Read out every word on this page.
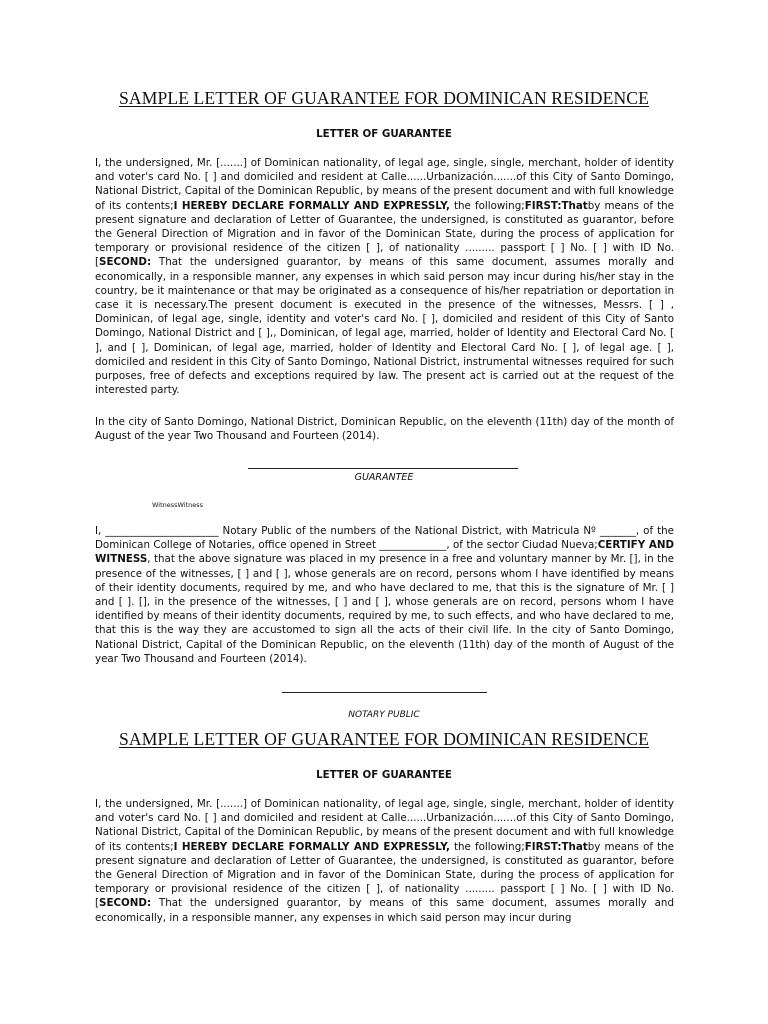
SAMPLE LETTER OF GUARANTEE FOR DOMINICAN RESIDENCE
LETTER OF GUARANTEE

I, the undersigned, Mr. [.......] of Dominican nationality, of legal age, single, single, merchant, holder of identity and voter's card No. [ ] and domiciled and resident at Calle......Urbanización.......of this City of Santo Domingo, National District, Capital of the Dominican Republic, by means of the present document and with full knowledge of its contents;I HEREBY DECLARE FORMALLY AND EXPRESSLY, the following;FIRST:Thatby means of the present signature and declaration of Letter of Guarantee, the undersigned, is constituted as guarantor, before the General Direction of Migration and in favor of the Dominican State, during the process of application for temporary or provisional residence of the citizen [ ], of nationality ......... passport [ ] No. [ ] with ID No. [SECOND: That the undersigned guarantor, by means of this same document, assumes morally and economically, in a responsible manner, any expenses in which said person may incur during his/her stay in the country, be it maintenance or that may be originated as a consequence of his/her repatriation or deportation in case it is necessary.The present document is executed in the presence of the witnesses, Messrs. [ ] , Dominican, of legal age, single, identity and voter's card No. [ ], domiciled and resident of this City of Santo Domingo, National District and [ ],, Dominican, of legal age, married, holder of Identity and Electoral Card No. [ ], and [ ], Dominican, of legal age, married, holder of Identity and Electoral Card No. [ ], of legal age. [ ], domiciled and resident in this City of Santo Domingo, National District, instrumental witnesses required for such purposes, free of defects and exceptions required by law. The present act is carried out at the request of the interested party.

In the city of Santo Domingo, National District, Dominican Republic, on the eleventh (11th) day of the month of August of the year Two Thousand and Fourteen (2014).

GUARANTEE

WitnessWitness

I, ______________________ Notary Public of the numbers of the National District, with Matricula Nº _______, of the Dominican College of Notaries, office opened in Street _____________, of the sector Ciudad Nueva;CERTIFY AND WITNESS, that the above signature was placed in my presence in a free and voluntary manner by Mr. [], in the presence of the witnesses, [ ] and [ ], whose generals are on record, persons whom I have identified by means of their identity documents, required by me, and who have declared to me, that this is the signature of Mr. [ ] and [ ]. [], in the presence of the witnesses, [ ] and [ ], whose generals are on record, persons whom I have identified by means of their identity documents, required by me, to such effects, and who have declared to me, that this is the way they are accustomed to sign all the acts of their civil life. In the city of Santo Domingo, National District, Capital of the Dominican Republic, on the eleventh (11th) day of the month of August of the year Two Thousand and Fourteen (2014).

NOTARY PUBLIC

SAMPLE LETTER OF GUARANTEE FOR DOMINICAN RESIDENCE
LETTER OF GUARANTEE

I, the undersigned, Mr. [.......] of Dominican nationality, of legal age, single, single, merchant, holder of identity and voter's card No. [ ] and domiciled and resident at Calle......Urbanización.......of this City of Santo Domingo, National District, Capital of the Dominican Republic, by means of the present document and with full knowledge of its contents;I HEREBY DECLARE FORMALLY AND EXPRESSLY, the following;FIRST:Thatby means of the present signature and declaration of Letter of Guarantee, the undersigned, is constituted as guarantor, before the General Direction of Migration and in favor of the Dominican State, during the process of application for temporary or provisional residence of the citizen [ ], of nationality ......... passport [ ] No. [ ] with ID No. [SECOND: That the undersigned guarantor, by means of this same document, assumes morally and economically, in a responsible manner, any expenses in which said person may incur during
